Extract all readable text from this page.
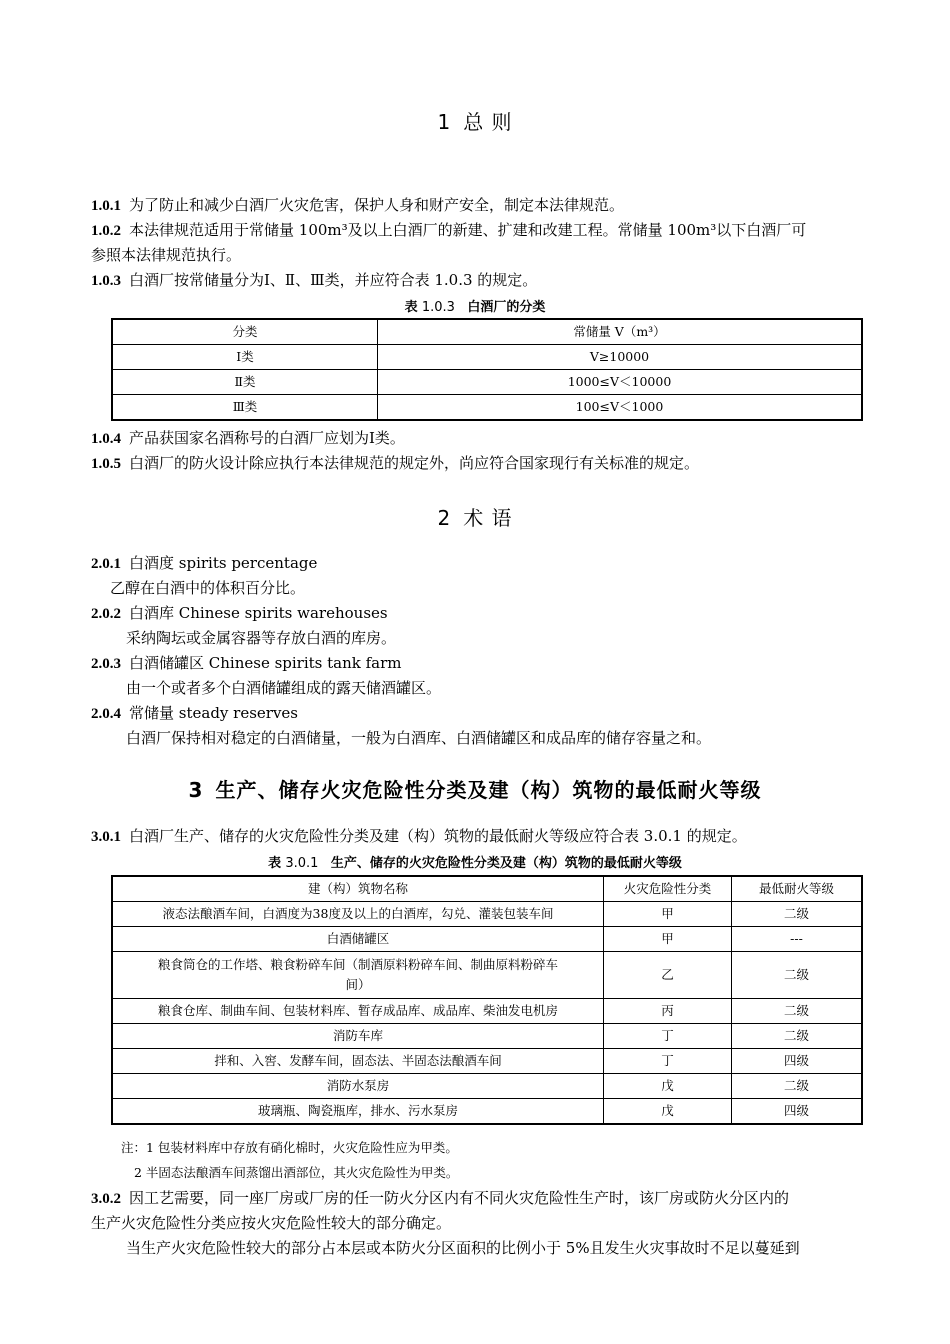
1 总 则
1.0.1 为了防止和减少白酒厂火灾危害，保护人身和财产安全，制定本法律规范。
1.0.2 本法律规范适用于常储量 100m³及以上白酒厂的新建、扩建和改建工程。常储量 100m³以下白酒厂可
参照本法律规范执行。
1.0.3 白酒厂按常储量分为Ⅰ、Ⅱ、Ⅲ类，并应符合表 1.0.3 的规定。
表 1.0.3 白酒厂的分类
分类	常储量 V（m³）
Ⅰ类	V≥10000
Ⅱ类	1000≤V＜10000
Ⅲ类	100≤V＜1000
1.0.4 产品获国家名酒称号的白酒厂应划为Ⅰ类。
1.0.5 白酒厂的防火设计除应执行本法律规范的规定外，尚应符合国家现行有关标准的规定。
2 术 语
2.0.1 白酒度 spirits percentage
乙醇在白酒中的体积百分比。
2.0.2 白酒库 Chinese spirits warehouses
采纳陶坛或金属容器等存放白酒的库房。
2.0.3 白酒储罐区 Chinese spirits tank farm
由一个或者多个白酒储罐组成的露天储酒罐区。
2.0.4 常储量 steady reserves
白酒厂保持相对稳定的白酒储量，一般为白酒库、白酒储罐区和成品库的储存容量之和。
3 生产、储存火灾危险性分类及建（构）筑物的最低耐火等级
3.0.1 白酒厂生产、储存的火灾危险性分类及建（构）筑物的最低耐火等级应符合表 3.0.1 的规定。
表 3.0.1 生产、储存的火灾危险性分类及建（构）筑物的最低耐火等级
建（构）筑物名称	火灾危险性分类	最低耐火等级
液态法酿酒车间，白酒度为38度及以上的白酒库，勾兑、灌装包装车间	甲	二级
白酒储罐区	甲	---
粮食筒仓的工作塔、粮食粉碎车间（制酒原料粉碎车间、制曲原料粉碎车
间）	乙	二级
粮食仓库、制曲车间、包装材料库、暂存成品库、成品库、柴油发电机房	丙	二级
消防车库	丁	二级
拌和、入窖、发酵车间，固态法、半固态法酿酒车间	丁	四级
消防水泵房	戊	二级
玻璃瓶、陶瓷瓶库，排水、污水泵房	戊	四级
注：1 包装材料库中存放有硝化棉时，火灾危险性应为甲类。
2 半固态法酿酒车间蒸馏出酒部位，其火灾危险性为甲类。
3.0.2 因工艺需要，同一座厂房或厂房的任一防火分区内有不同火灾危险性生产时，该厂房或防火分区内的
生产火灾危险性分类应按火灾危险性较大的部分确定。
当生产火灾危险性较大的部分占本层或本防火分区面积的比例小于 5%且发生火灾事故时不足以蔓延到
